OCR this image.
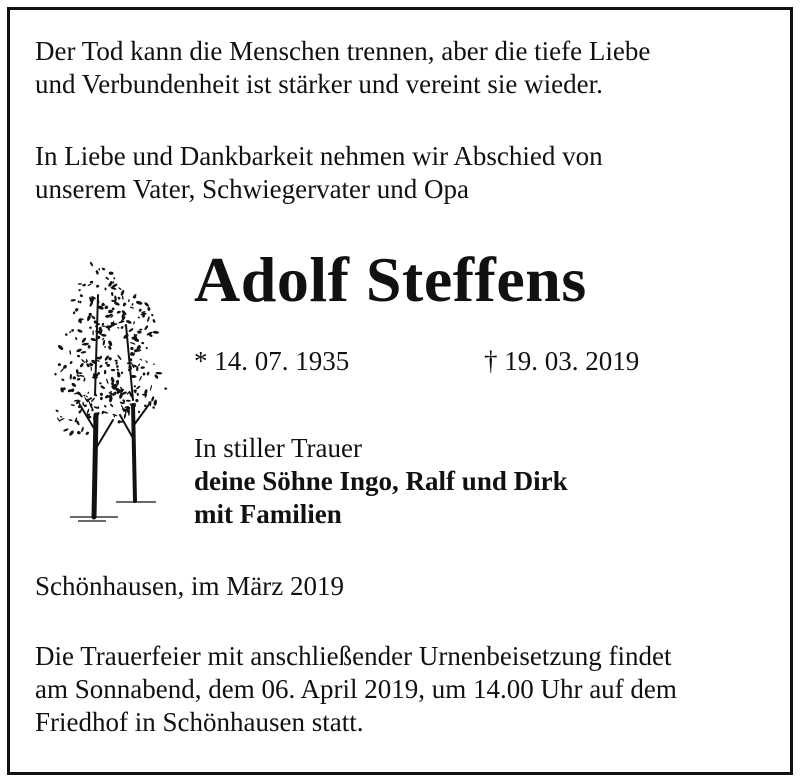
Der Tod kann die Menschen trennen, aber die tiefe Liebe

und Verbundenheit ist stärker und vereint sie wieder.

In Liebe und Dankbarkeit nehmen wir Abschied von

unserem Vater, Schwiegervater und Opa

Adolf Steffens

* 14. 07. 1935	† 19. 03. 2019

In stiller Trauer

deine Söhne Ingo, Ralf und Dirk

mit Familien

Schönhausen, im März 2019

Die Trauerfeier mit anschließender Urnenbeisetzung findet

am Sonnabend, dem 06. April 2019, um 14.00 Uhr auf dem

Friedhof in Schönhausen statt.
